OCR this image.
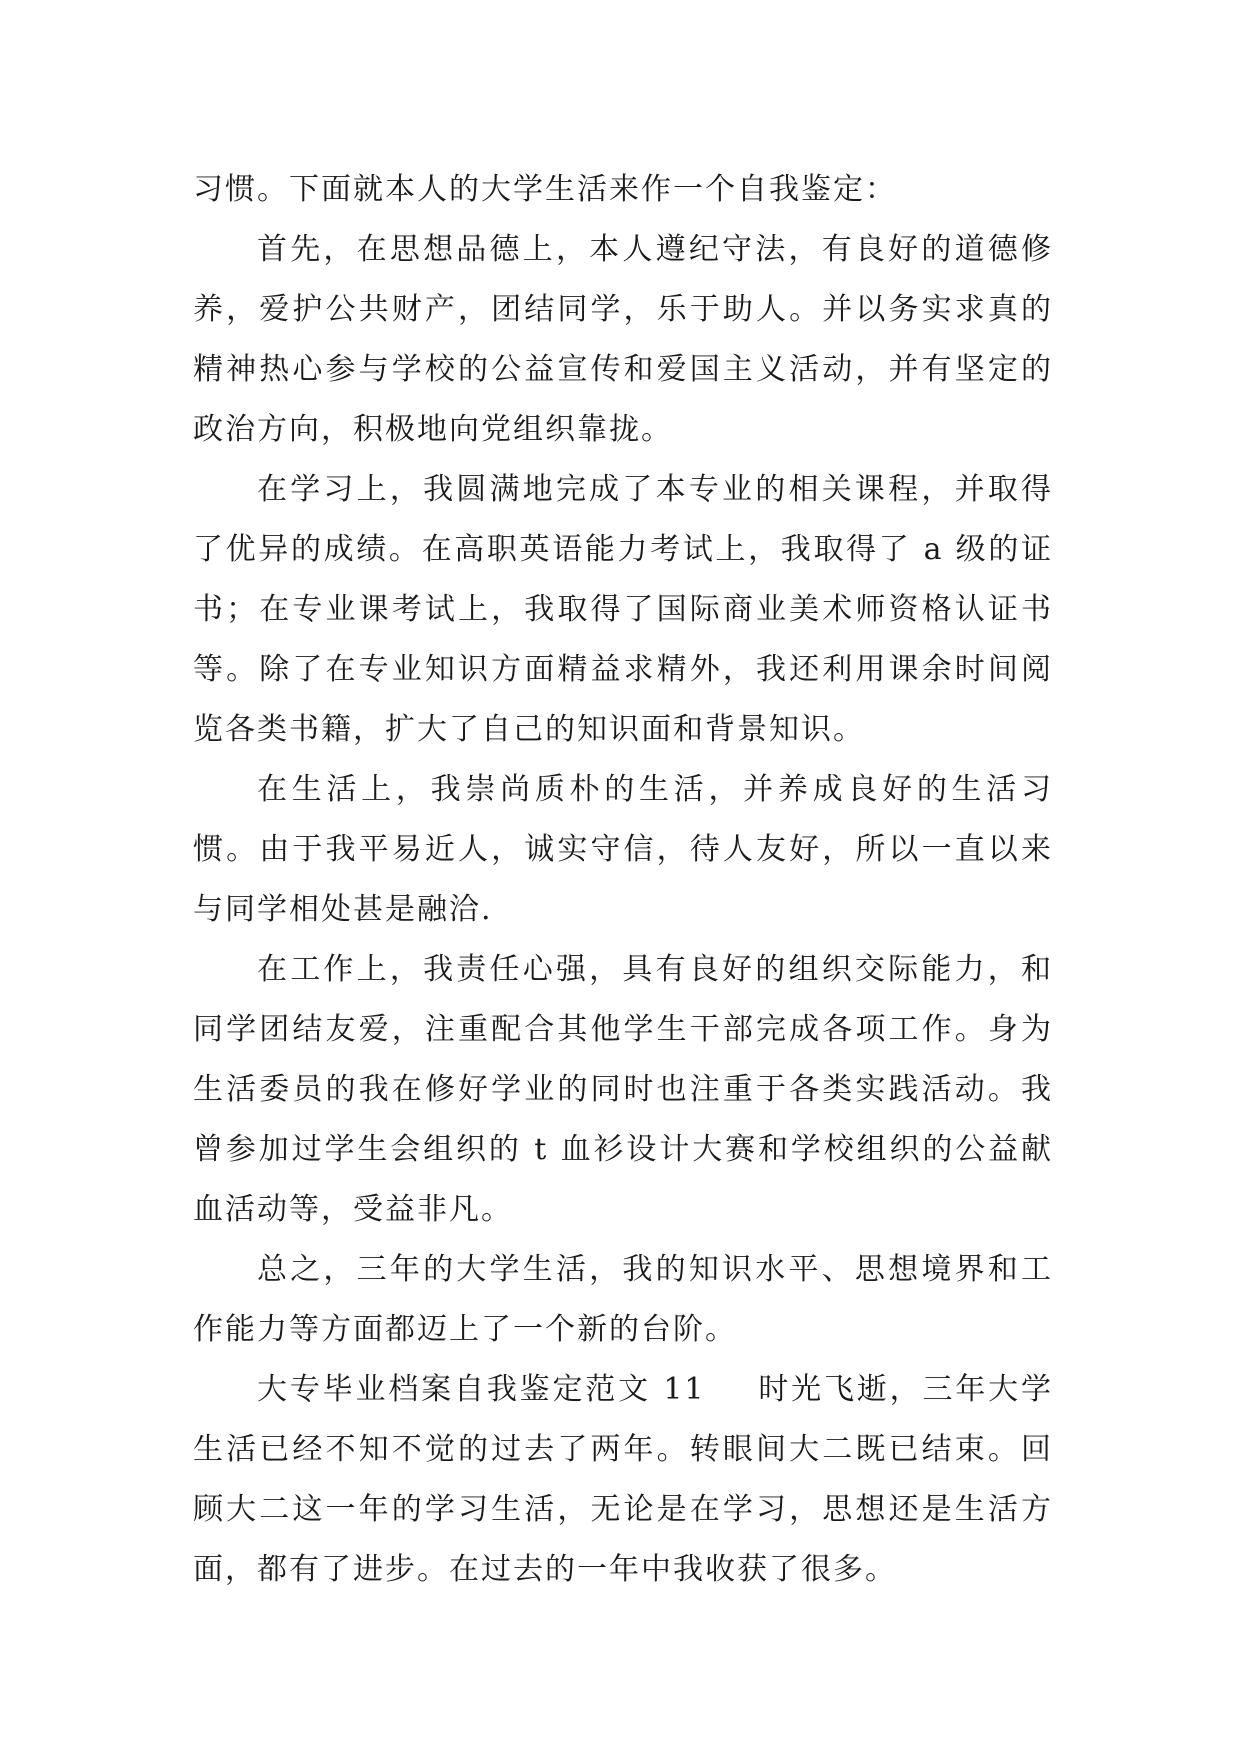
习惯。下面就本人的大学生活来作一个自我鉴定：

首先，在思想品德上，本人遵纪守法，有良好的道德修养，爱护公共财产，团结同学，乐于助人。并以务实求真的精神热心参与学校的公益宣传和爱国主义活动，并有坚定的政治方向，积极地向党组织靠拢。

在学习上，我圆满地完成了本专业的相关课程，并取得了优异的成绩。在高职英语能力考试上，我取得了 a 级的证书；在专业课考试上，我取得了国际商业美术师资格认证书等。除了在专业知识方面精益求精外，我还利用课余时间阅览各类书籍，扩大了自己的知识面和背景知识。

在生活上，我崇尚质朴的生活，并养成良好的生活习惯。由于我平易近人，诚实守信，待人友好，所以一直以来与同学相处甚是融洽.

在工作上，我责任心强，具有良好的组织交际能力，和同学团结友爱，注重配合其他学生干部完成各项工作。身为生活委员的我在修好学业的同时也注重于各类实践活动。我曾参加过学生会组织的 t 血衫设计大赛和学校组织的公益献血活动等，受益非凡。

总之，三年的大学生活，我的知识水平、思想境界和工作能力等方面都迈上了一个新的台阶。

大专毕业档案自我鉴定范文 11 时光飞逝，三年大学生活已经不知不觉的过去了两年。转眼间大二既已结束。回顾大二这一年的学习生活，无论是在学习，思想还是生活方面，都有了进步。在过去的一年中我收获了很多。
